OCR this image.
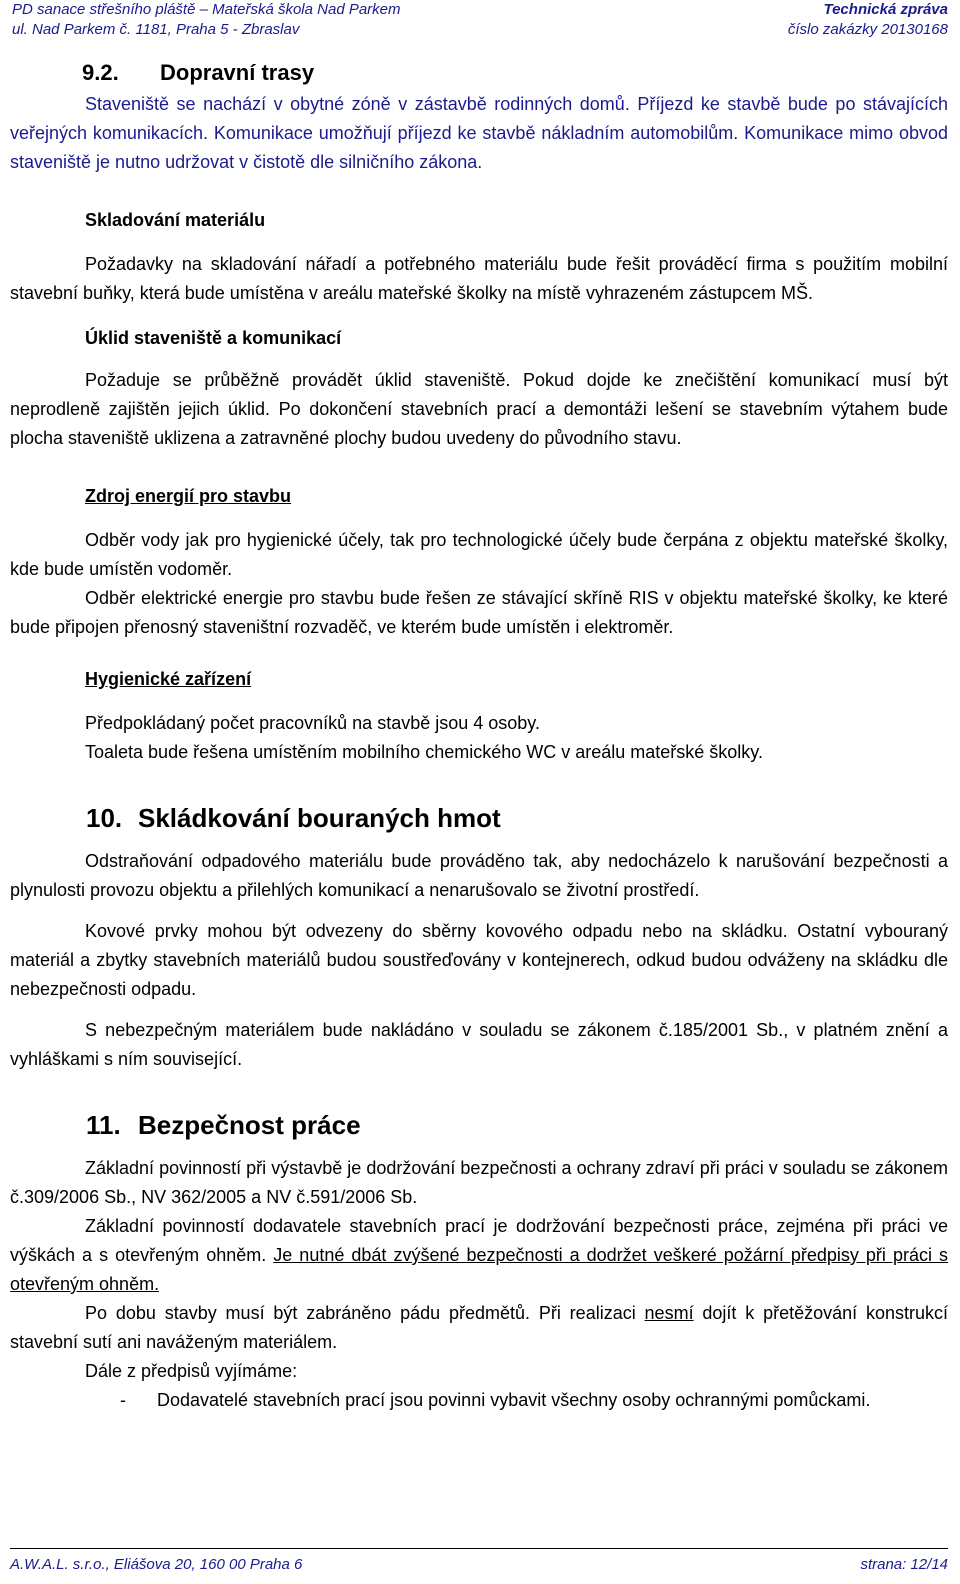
PD sanace střešního pláště – Mateřská škola Nad Parkem	Technická zpráva
ul. Nad Parkem č. 1181, Praha 5 - Zbraslav	číslo zakázky 20130168

9.2. Dopravní trasy

Staveniště se nachází v obytné zóně v zástavbě rodinných domů. Příjezd ke stavbě bude po stávajících veřejných komunikacích. Komunikace umožňují příjezd ke stavbě nákladním automobilům. Komunikace mimo obvod staveniště je nutno udržovat v čistotě dle silničního zákona.

Skladování materiálu

Požadavky na skladování nářadí a potřebného materiálu bude řešit prováděcí firma s použitím mobilní stavební buňky, která bude umístěna v areálu mateřské školky na místě vyhrazeném zástupcem MŠ.

Úklid staveniště a komunikací

Požaduje se průběžně provádět úklid staveniště. Pokud dojde ke znečištění komunikací musí být neprodleně zajištěn jejich úklid. Po dokončení stavebních prací a demontáži lešení se stavebním výtahem bude plocha staveniště uklizena a zatravněné plochy budou uvedeny do původního stavu.

Zdroj energií pro stavbu

Odběr vody jak pro hygienické účely, tak pro technologické účely bude čerpána z objektu mateřské školky, kde bude umístěn vodoměr.

Odběr elektrické energie pro stavbu bude řešen ze stávající skříně RIS v objektu mateřské školky, ke které bude připojen přenosný staveništní rozvaděč, ve kterém bude umístěn i elektroměr.

Hygienické zařízení

Předpokládaný počet pracovníků na stavbě jsou 4 osoby.

Toaleta bude řešena umístěním mobilního chemického WC v areálu mateřské školky.

10. Skládkování bouraných hmot

Odstraňování odpadového materiálu bude prováděno tak, aby nedocházelo k narušování bezpečnosti a plynulosti provozu objektu a přilehlých komunikací a nenarušovalo se životní prostředí.

Kovové prvky mohou být odvezeny do sběrny kovového odpadu nebo na skládku. Ostatní vybouraný materiál a zbytky stavebních materiálů budou soustřeďovány v kontejnerech, odkud budou odváženy na skládku dle nebezpečnosti odpadu.

S nebezpečným materiálem bude nakládáno v souladu se zákonem č.185/2001 Sb., v platném znění a vyhláškami s ním související.

11. Bezpečnost práce

Základní povinností při výstavbě je dodržování bezpečnosti a ochrany zdraví při práci v souladu se zákonem č.309/2006 Sb., NV 362/2005 a NV č.591/2006 Sb.

Základní povinností dodavatele stavebních prací je dodržování bezpečnosti práce, zejména při práci ve výškách a s otevřeným ohněm. Je nutné dbát zvýšené bezpečnosti a dodržet veškeré požární předpisy při práci s otevřeným ohněm.

Po dobu stavby musí být zabráněno pádu předmětů. Při realizaci nesmí dojít k přetěžování konstrukcí stavební sutí ani naváženým materiálem.

Dále z předpisů vyjímáme:

-	Dodavatelé stavebních prací jsou povinni vybavit všechny osoby ochrannými pomůckami.
A.W.A.L. s.r.o., Eliášova 20, 160 00 Praha 6	strana: 12/14
